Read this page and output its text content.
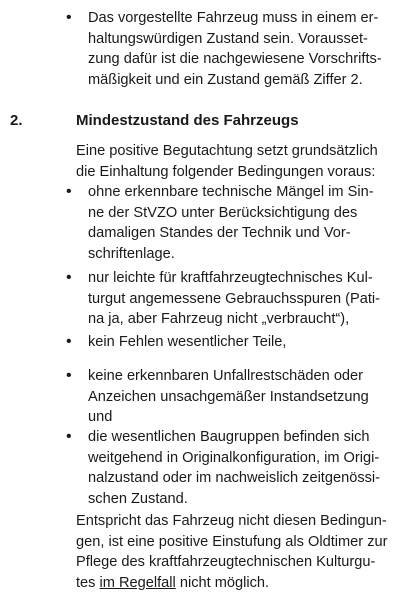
• Das vorgestellte Fahrzeug muss in einem er-
haltungswürdigen Zustand sein. Vorausset-
zung dafür ist die nachgewiesene Vorschrifts-
mäßigkeit und ein Zustand gemäß Ziffer 2.

2.	Mindestzustand des Fahrzeugs

Eine positive Begutachtung setzt grundsätzlich
die Einhaltung folgender Bedingungen voraus:

• ohne erkennbare technische Mängel im Sin-
ne der StVZO unter Berücksichtigung des
damaligen Standes der Technik und Vor-
schriftenlage.

• nur leichte für kraftfahrzeugtechnisches Kul-
turgut angemessene Gebrauchsspuren (Pati-
na ja, aber Fahrzeug nicht „verbraucht“),

• kein Fehlen wesentlicher Teile,

• keine erkennbaren Unfallrestschäden oder
Anzeichen unsachgemäßer Instandsetzung
und

• die wesentlichen Baugruppen befinden sich
weitgehend in Originalkonfiguration, im Origi-
nalzustand oder im nachweislich zeitgenössi-
schen Zustand.

Entspricht das Fahrzeug nicht diesen Bedingun-
gen, ist eine positive Einstufung als Oldtimer zur
Pflege des kraftfahrzeugtechnischen Kulturgu-
tes im Regelfall nicht möglich.
